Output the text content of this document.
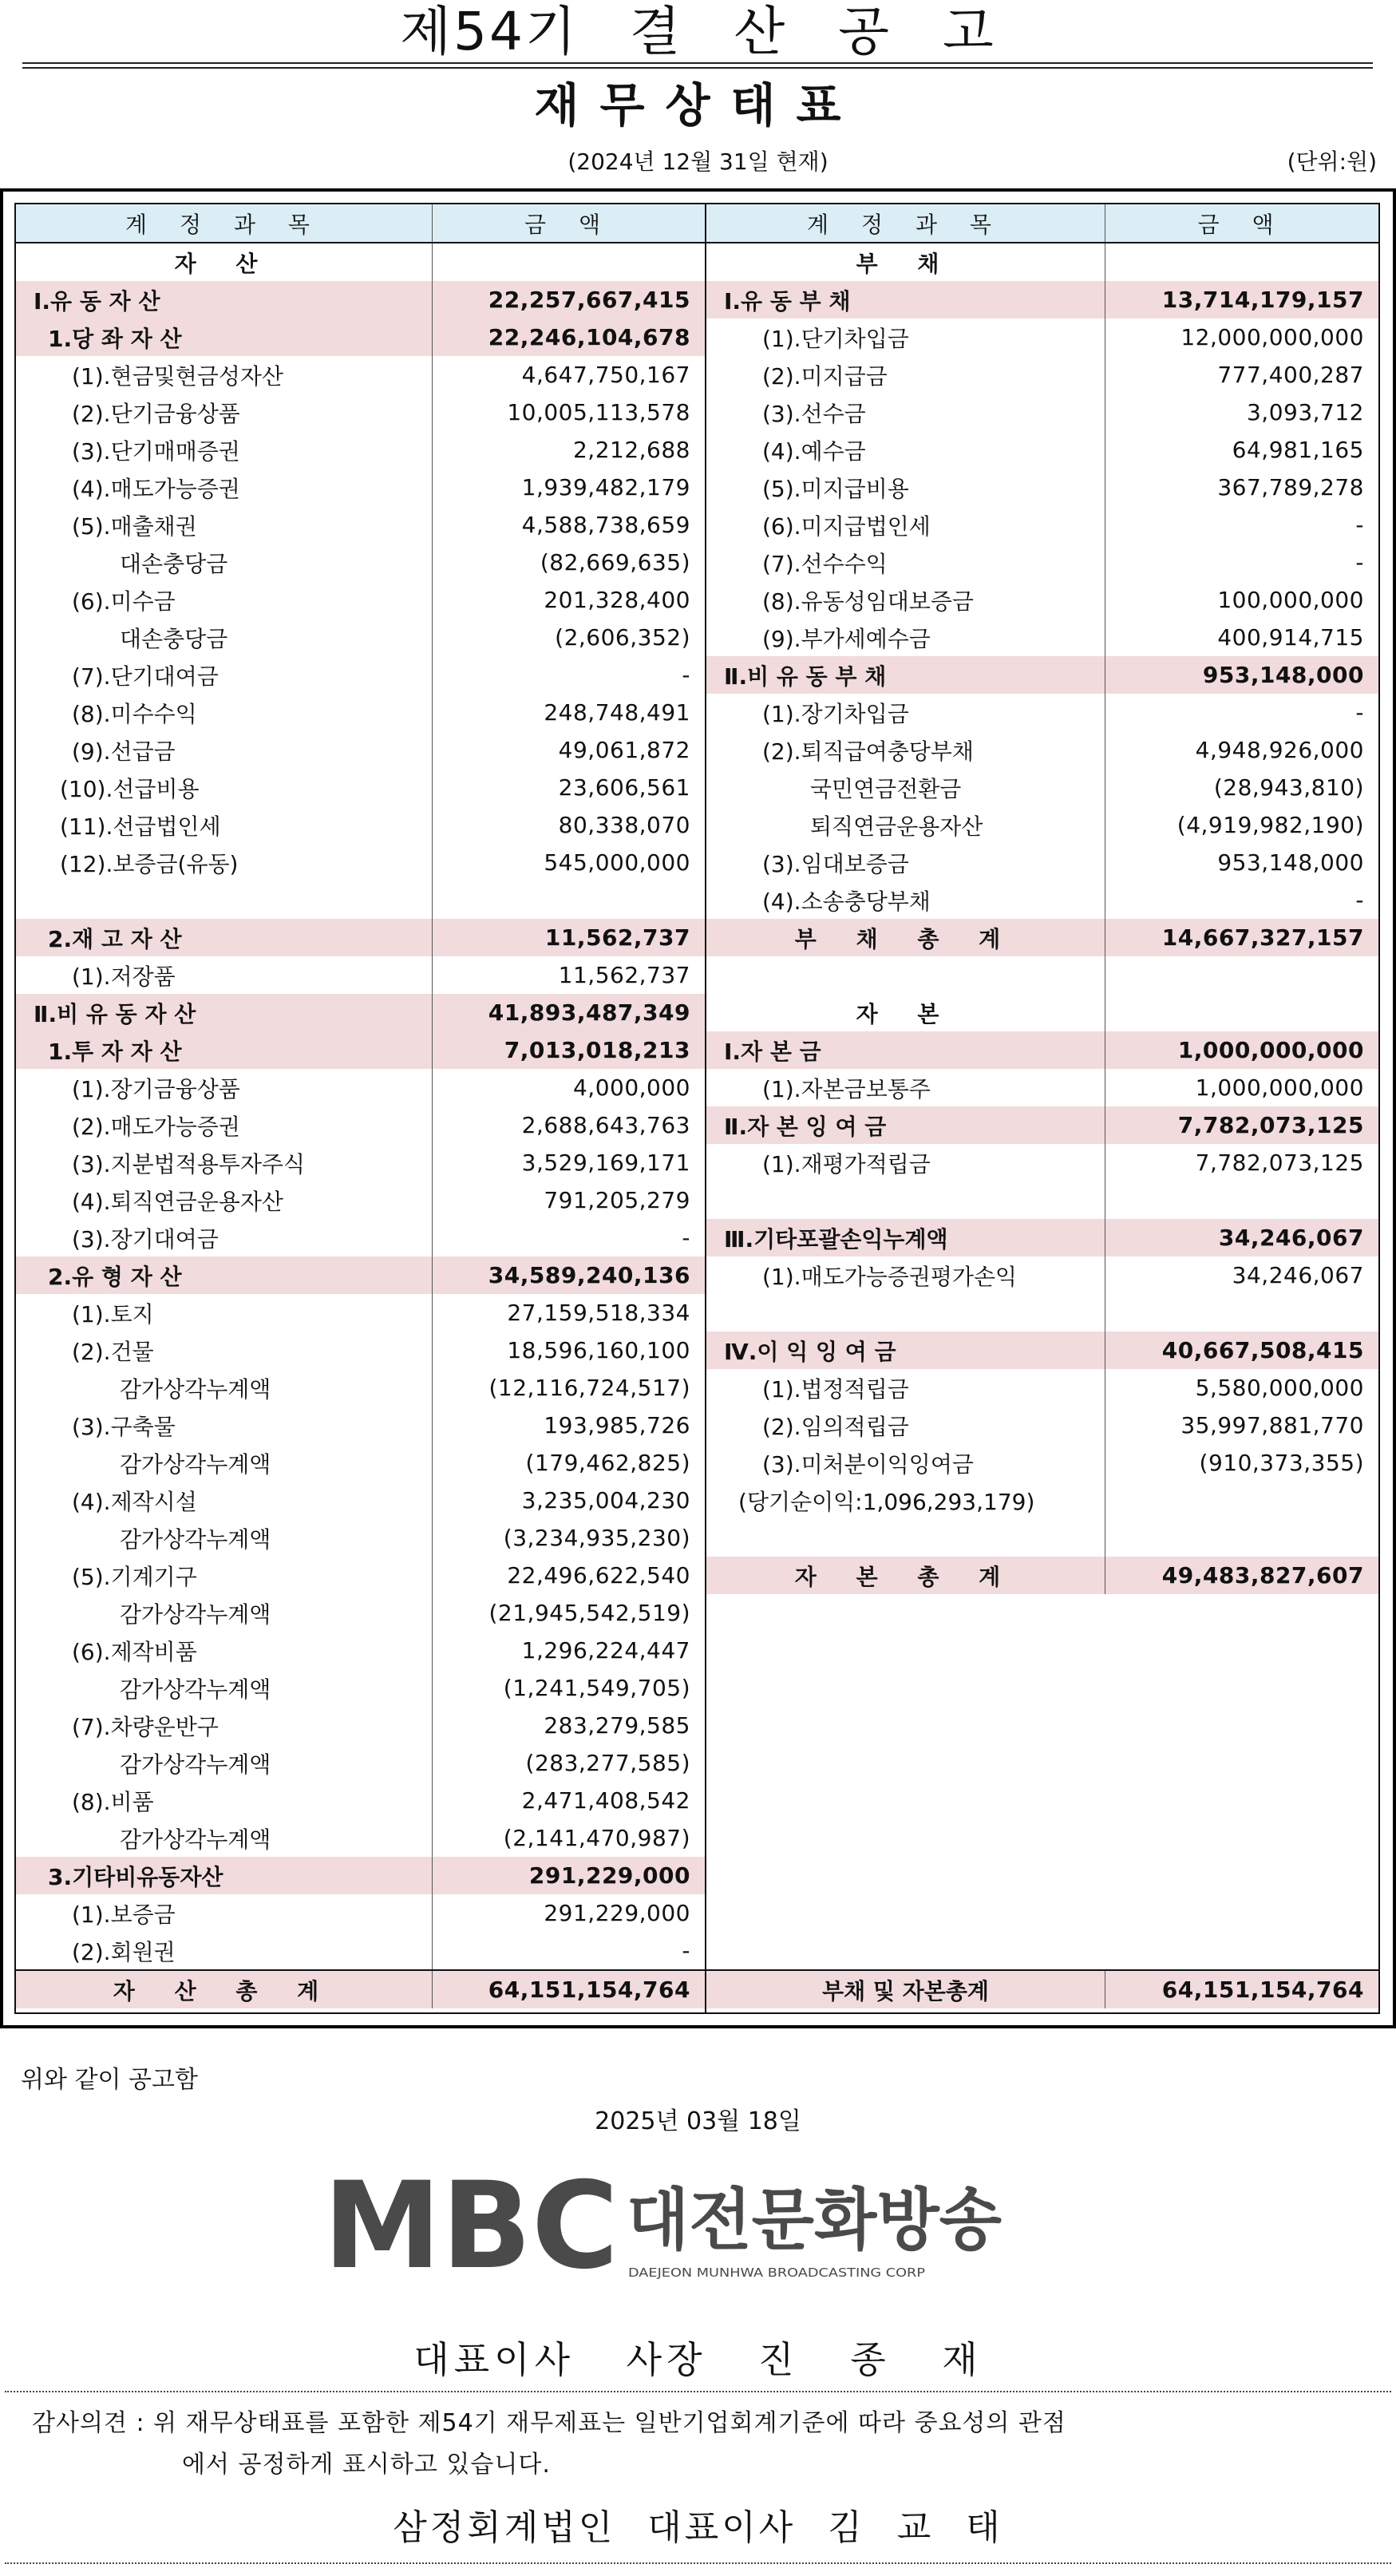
제54기 결 산 공 고
재무상태표
(2024년 12월 31일 현재)	(단위:원)
계 정 과 목	금 액
자 산
Ⅰ.유 동 자 산	22,257,667,415
1.당 좌 자 산	22,246,104,678
(1).현금및현금성자산	4,647,750,167
(2).단기금융상품	10,005,113,578
(3).단기매매증권	2,212,688
(4).매도가능증권	1,939,482,179
(5).매출채권	4,588,738,659
대손충당금	(82,669,635)
(6).미수금	201,328,400
대손충당금	(2,606,352)
(7).단기대여금	-
(8).미수수익	248,748,491
(9).선급금	49,061,872
(10).선급비용	23,606,561
(11).선급법인세	80,338,070
(12).보증금(유동)	545,000,000
2.재 고 자 산	11,562,737
(1).저장품	11,562,737
Ⅱ.비 유 동 자 산	41,893,487,349
1.투 자 자 산	7,013,018,213
(1).장기금융상품	4,000,000
(2).매도가능증권	2,688,643,763
(3).지분법적용투자주식	3,529,169,171
(4).퇴직연금운용자산	791,205,279
(3).장기대여금	-
2.유 형 자 산	34,589,240,136
(1).토지	27,159,518,334
(2).건물	18,596,160,100
감가상각누계액	(12,116,724,517)
(3).구축물	193,985,726
감가상각누계액	(179,462,825)
(4).제작시설	3,235,004,230
감가상각누계액	(3,234,935,230)
(5).기계기구	22,496,622,540
감가상각누계액	(21,945,542,519)
(6).제작비품	1,296,224,447
감가상각누계액	(1,241,549,705)
(7).차량운반구	283,279,585
감가상각누계액	(283,277,585)
(8).비품	2,471,408,542
감가상각누계액	(2,141,470,987)
3.기타비유동자산	291,229,000
(1).보증금	291,229,000
(2).회원권	-
자 산 총 계	64,151,154,764
계 정 과 목	금 액
부 채
Ⅰ.유 동 부 채	13,714,179,157
(1).단기차입금	12,000,000,000
(2).미지급금	777,400,287
(3).선수금	3,093,712
(4).예수금	64,981,165
(5).미지급비용	367,789,278
(6).미지급법인세	-
(7).선수수익	-
(8).유동성임대보증금	100,000,000
(9).부가세예수금	400,914,715
Ⅱ.비 유 동 부 채	953,148,000
(1).장기차입금	-
(2).퇴직급여충당부채	4,948,926,000
국민연금전환금	(28,943,810)
퇴직연금운용자산	(4,919,982,190)
(3).임대보증금	953,148,000
(4).소송충당부채	-
부 채 총 계	14,667,327,157
자 본
Ⅰ.자 본 금	1,000,000,000
(1).자본금보통주	1,000,000,000
Ⅱ.자 본 잉 여 금	7,782,073,125
(1).재평가적립금	7,782,073,125
Ⅲ.기타포괄손익누계액	34,246,067
(1).매도가능증권평가손익	34,246,067
Ⅳ.이 익 잉 여 금	40,667,508,415
(1).법정적립금	5,580,000,000
(2).임의적립금	35,997,881,770
(3).미처분이익잉여금	(910,373,355)
(당기순이익:1,096,293,179)
자 본 총 계	49,483,827,607
부채 및 자본총계	64,151,154,764
위와 같이 공고함
2025년 03월 18일
MBC 대전문화방송
DAEJEON MUNHWA BROADCASTING CORP
대표이사 사장 진 종 재
감사의견 : 위 재무상태표를 포함한 제54기 재무제표는 일반기업회계기준에 따라 중요성의 관점
에서 공정하게 표시하고 있습니다.
삼정회계법인 대표이사 김 교 태
